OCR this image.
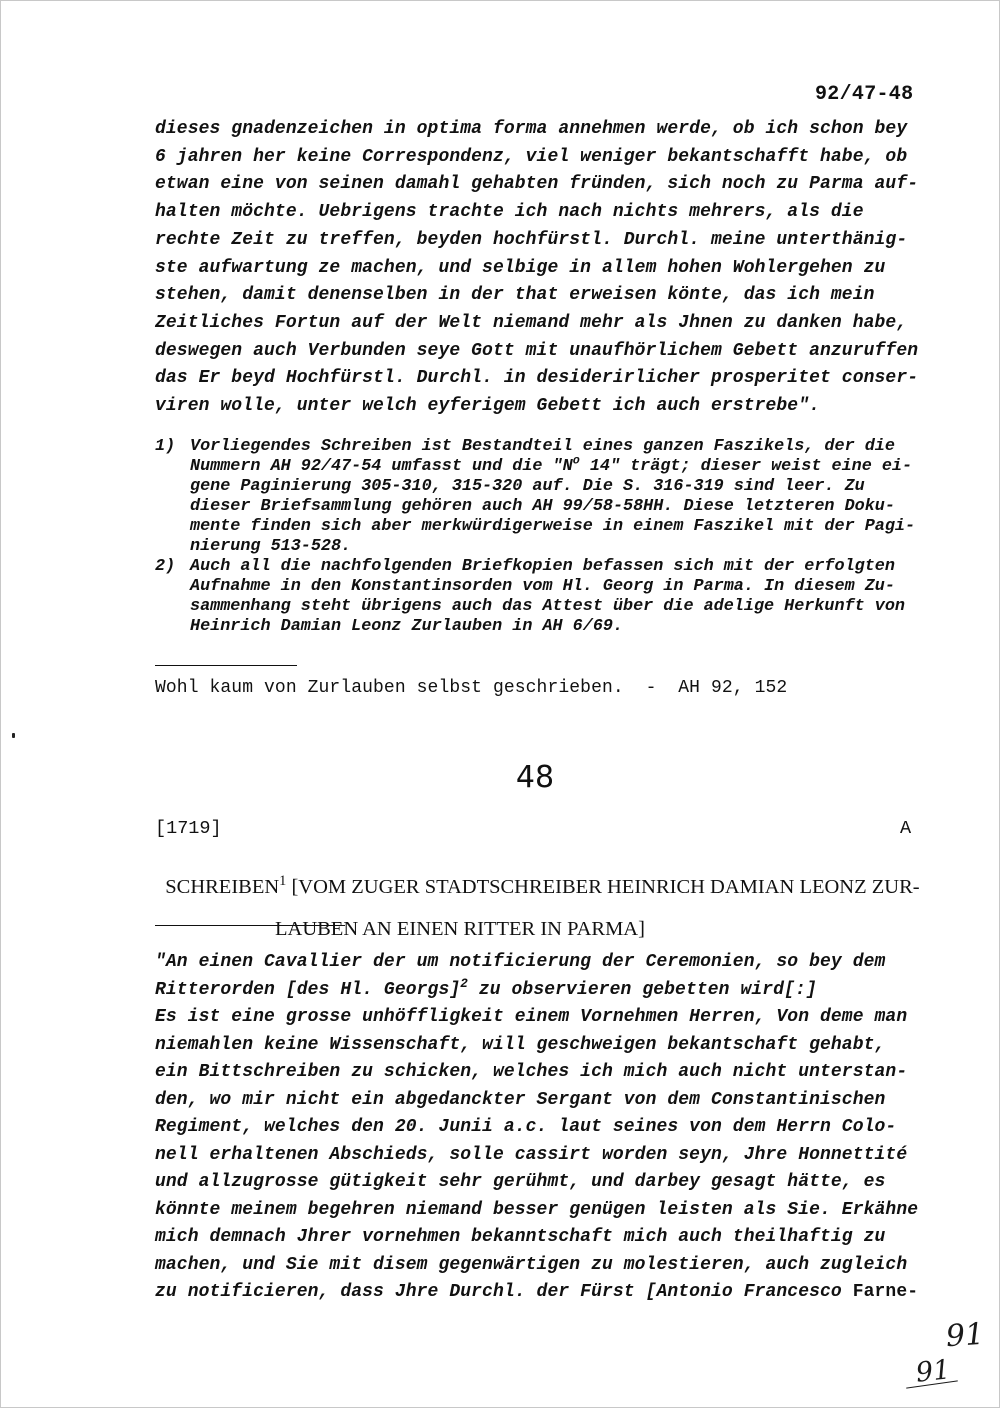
92/47-48
dieses gnadenzeichen in optima forma annehmen werde, ob ich schon bey
6 jahren her keine Correspondenz, viel weniger bekantschafft habe, ob
etwan eine von seinen damahl gehabten fründen, sich noch zu Parma auf-
halten möchte. Uebrigens trachte ich nach nichts mehrers, als die
rechte Zeit zu treffen, beyden hochfürstl. Durchl. meine unterthänig-
ste aufwartung ze machen, und selbige in allem hohen Wohlergehen zu
stehen, damit denenselben in der that erweisen könte, das ich mein
Zeitliches Fortun auf der Welt niemand mehr als Jhnen zu danken habe,
deswegen auch Verbunden seye Gott mit unaufhörlichem Gebett anzuruffen
das Er beyd Hochfürstl. Durchl. in desiderirlicher prosperitet conser-
viren wolle, unter welch eyferigem Gebett ich auch erstrebe".
1) Vorliegendes Schreiben ist Bestandteil eines ganzen Faszikels, der die
Nummern AH 92/47-54 umfasst und die "$N^o$ 14" trägt; dieser weist eine ei-
gene Paginierung 305-310, 315-320 auf. Die S. 316-319 sind leer. Zu
dieser Briefsammlung gehören auch AH 99/58-58HH. Diese letzteren Doku-
mente finden sich aber merkwürdigerweise in einem Faszikel mit der Pagi-
nierung 513-528.
2) Auch all die nachfolgenden Briefkopien befassen sich mit der erfolgten
Aufnahme in den Konstantinsorden vom Hl. Georg in Parma. In diesem Zu-
sammenhang steht übrigens auch das Attest über die adelige Herkunft von
Heinrich Damian Leonz Zurlauben in AH 6/69.
Wohl kaum von Zurlauben selbst geschrieben.  -  AH 92, 152
48
[1719]	A

SCHREIBEN$^1$ [VOM ZUGER STADTSCHREIBER HEINRICH DAMIAN LEONZ ZUR-

LAUBEN AN EINEN RITTER IN PARMA]

"An einen Cavallier der um notificierung der Ceremonien, so bey dem
Ritterorden [des Hl. Georgs]$^2$ zu observieren gebetten wird[:]
Es ist eine grosse unhöffligkeit einem Vornehmen Herren, Von deme man
niemahlen keine Wissenschaft, will geschweigen bekantschaft gehabt,
ein Bittschreiben zu schicken, welches ich mich auch nicht unterstan-
den, wo mir nicht ein abgedanckter Sergant von dem Constantinischen
Regiment, welches den 20. Junii a.c. laut seines von dem Herrn Colo-
nell erhaltenen Abschieds, solle cassirt worden seyn, Jhre Honnettité
und allzugrosse gütigkeit sehr gerühmt, und darbey gesagt hätte, es
könnte meinem begehren niemand besser genügen leisten als Sie. Erkähne
mich demnach Jhrer vornehmen bekanntschaft mich auch theilhaftig zu
machen, und Sie mit disem gegenwärtigen zu molestieren, auch zugleich
zu notificieren, dass Jhre Durchl. der Fürst [Antonio Francesco Farne-
91
91
